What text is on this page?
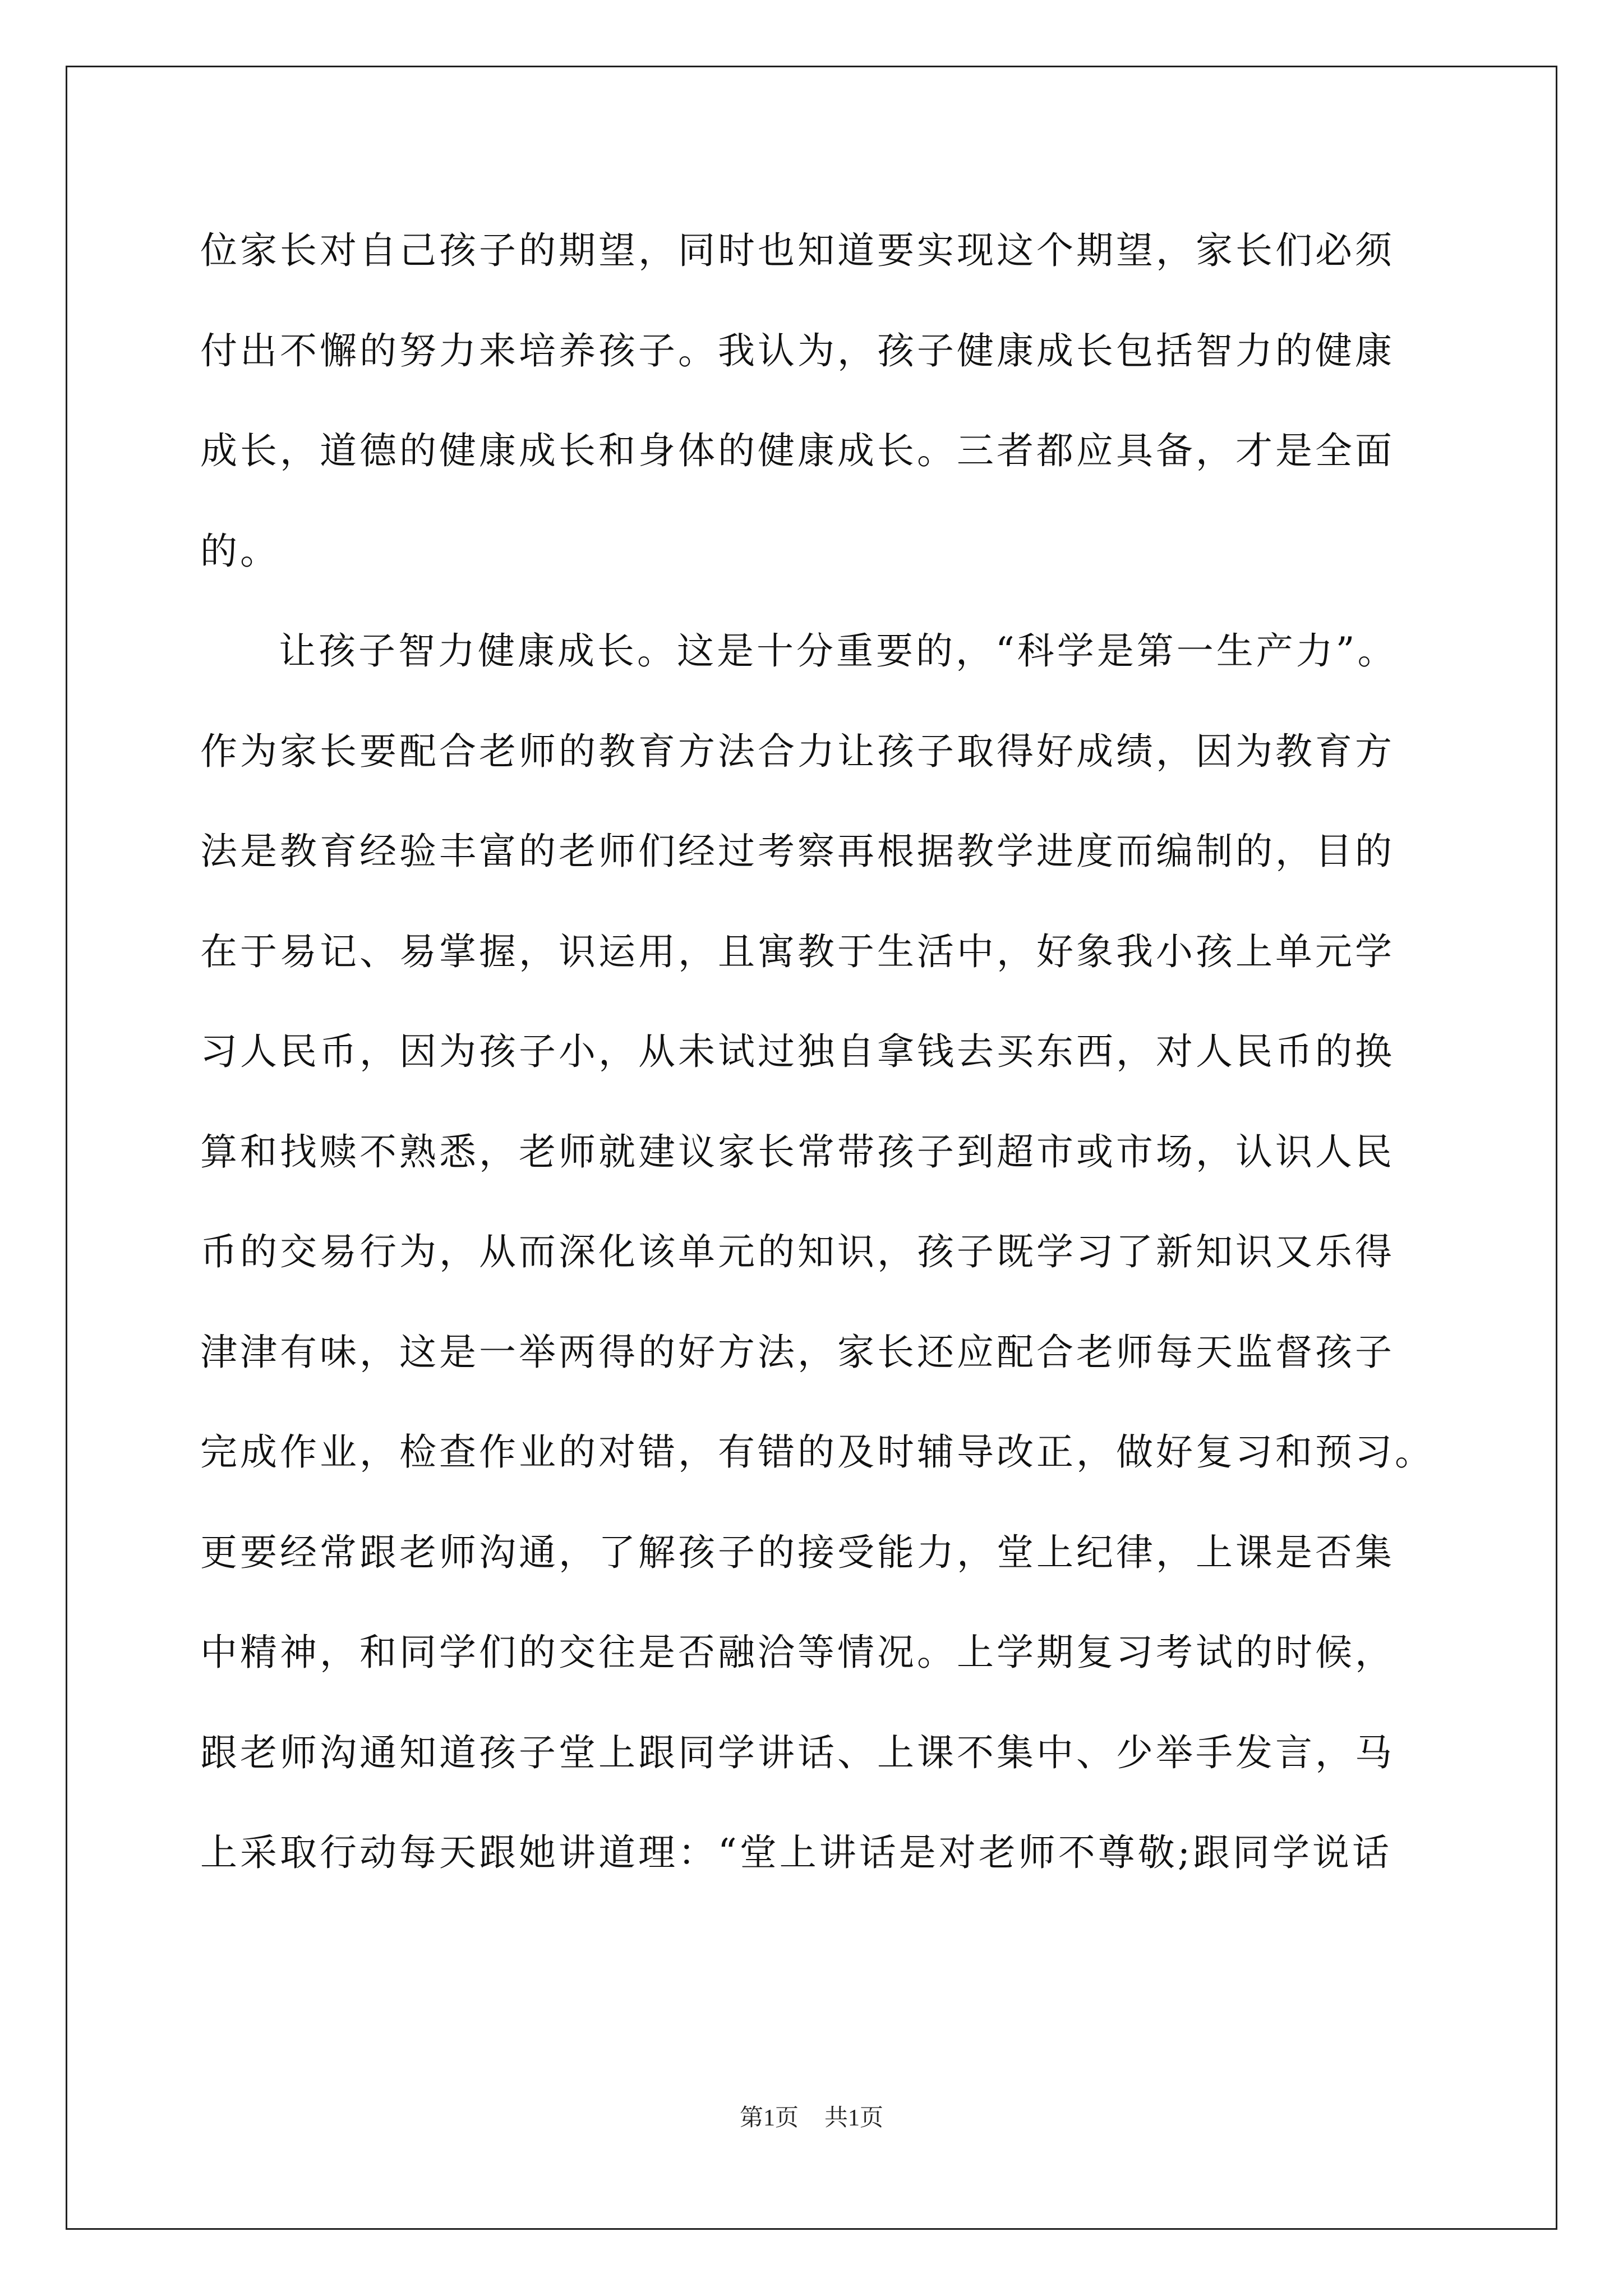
位家长对自己孩子的期望，同时也知道要实现这个期望，家长们必须
付出不懈的努力来培养孩子。我认为，孩子健康成长包括智力的健康
成长，道德的健康成长和身体的健康成长。三者都应具备，才是全面
的。
让孩子智力健康成长。这是十分重要的，“科学是第一生产力”。
作为家长要配合老师的教育方法合力让孩子取得好成绩，因为教育方
法是教育经验丰富的老师们经过考察再根据教学进度而编制的，目的
在于易记、易掌握，识运用，且寓教于生活中，好象我小孩上单元学
习人民币，因为孩子小，从未试过独自拿钱去买东西，对人民币的换
算和找赎不熟悉，老师就建议家长常带孩子到超市或市场，认识人民
币的交易行为，从而深化该单元的知识，孩子既学习了新知识又乐得
津津有味，这是一举两得的好方法，家长还应配合老师每天监督孩子
完成作业，检查作业的对错，有错的及时辅导改正，做好复习和预习。
更要经常跟老师沟通，了解孩子的接受能力，堂上纪律，上课是否集
中精神，和同学们的交往是否融洽等情况。上学期复习考试的时候，
跟老师沟通知道孩子堂上跟同学讲话、上课不集中、少举手发言，马
上采取行动每天跟她讲道理：“堂上讲话是对老师不尊敬;跟同学说话
第1页 共1页
